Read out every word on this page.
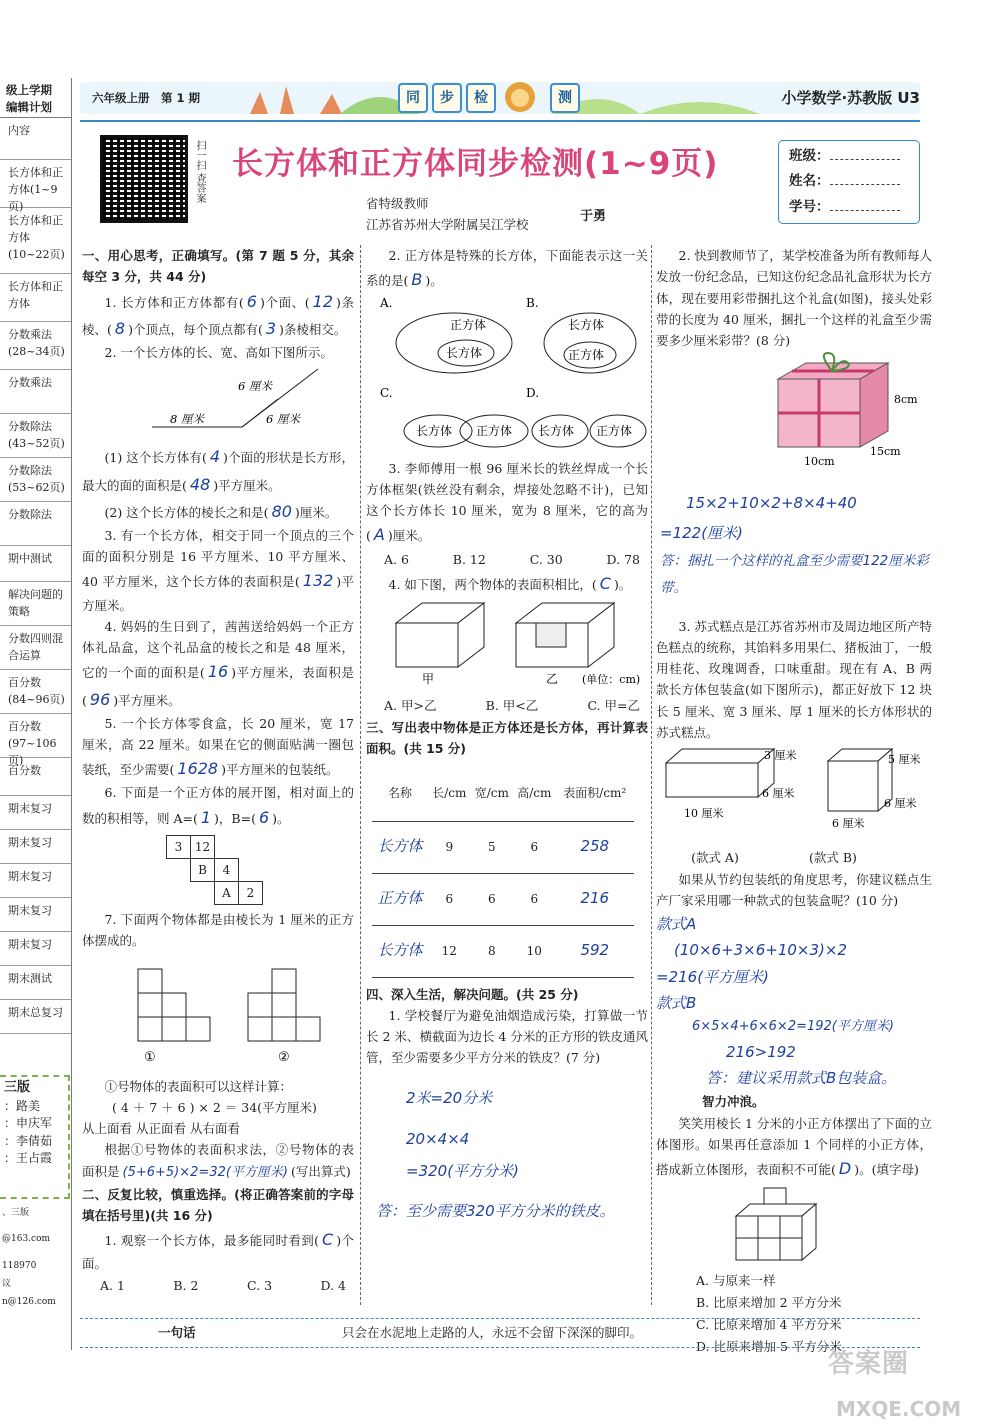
级上学期
编辑计划
内容
长方体和正方体(1~9页)
长方体和正方体(10~22页)
长方体和正方体
分数乘法(28~34页)
分数乘法
分数除法(43~52页)
分数除法(53~62页)
分数除法
期中测试
解决问题的策略
分数四则混合运算
百分数(84~96页)
百分数(97~106页)
百分数
期末复习
期末复习
期末复习
期末复习
期末复习
期末测试
期末总复习
三版
：路美
：申庆军
：李倩茹
：王占霞
、三版
@163.com
118970
议
n@126.com
六年级上册　第 1 期	同	步	检	测	小学数学·苏教版 U3
扫一扫 查答案 长方体和正方体同步检测(1~9页)
省特级教师
江苏省苏州大学附属吴江学校
于勇
班级：
姓名：
学号：

一、用心思考，正确填写。(第 7 题 5 分，其余每空 3 分，共 44 分)

1. 长方体和正方体都有( 6 )个面、( 12 )条棱、( 8 )个顶点，每个顶点都有( 3 )条棱相交。

2. 一个长方体的长、宽、高如下图所示。

6 厘米
8 厘米	6 厘米

(1) 这个长方体有( 4 )个面的形状是长方形，最大的面的面积是( 48 )平方厘米。

(2) 这个长方体的棱长之和是( 80 )厘米。

3. 有一个长方体，相交于同一个顶点的三个面的面积分别是 16 平方厘米、10 平方厘米、40 平方厘米，这个长方体的表面积是( 132 )平方厘米。

4. 妈妈的生日到了，茜茜送给妈妈一个正方体礼品盒，这个礼品盒的棱长之和是 48 厘米，它的一个面的面积是( 16 )平方厘米，表面积是( 96 )平方厘米。

5. 一个长方体零食盒，长 20 厘米，宽 17 厘米，高 22 厘米。如果在它的侧面贴满一圈包装纸，至少需要( 1628 )平方厘米的包装纸。

6. 下面是一个正方体的展开图，相对面上的数的积相等，则 A=( 1 )，B=( 6 )。

3	12		
	B	4	
		A	2

7. 下面两个物体都是由棱长为 1 厘米的正方体摆成的。

①	②

①号物体的表面积可以这样计算：

( 4 ＋ 7 ＋ 6 ) × 2 ＝ 34(平方厘米)

从上面看 从正面看 从右面看

根据①号物体的表面积求法，②号物体的表面积是 (5+6+5)×2=32(平方厘米) (写出算式)

二、反复比较，慎重选择。(将正确答案前的字母填在括号里)(共 16 分)

1. 观察一个长方体，最多能同时看到( C )个面。

A. 1	B. 2	C. 3	D. 4

2. 正方体是特殊的长方体，下面能表示这一关系的是( B )。

A.	B.
正方体
长方体
长方体
正方体
C.	D.
长方体 正方体 长方体 正方体

3. 李师傅用一根 96 厘米长的铁丝焊成一个长方体框架(铁丝没有剩余，焊接处忽略不计)，已知这个长方体长 10 厘米，宽为 8 厘米，它的高为( A )厘米。

A. 6	B. 12	C. 30	D. 78

4. 如下图，两个物体的表面积相比，( C )。

甲	乙 (单位：cm)
A. 甲>乙	B. 甲<乙	C. 甲=乙

三、写出表中物体是正方体还是长方体，再计算表面积。(共 15 分)

名称	长/cm	宽/cm	高/cm	表面积/cm²
长方体	9	5	6	258
正方体	6	6	6	216
长方体	12	8	10	592

四、深入生活，解决问题。(共 25 分)

1. 学校餐厅为避免油烟造成污染，打算做一节长 2 米、横截面为边长 4 分米的正方形的铁皮通风管，至少需要多少平方分米的铁皮？(7 分)

2米=20分米
20×4×4
=320(平方分米)
答：至少需要320平方分米的铁皮。

2. 快到教师节了，某学校准备为所有教师每人发放一份纪念品，已知这份纪念品礼盒形状为长方体，现在要用彩带捆扎这个礼盒(如图)，接头处彩带的长度为 40 厘米，捆扎一个这样的礼盒至少需要多少厘米彩带？(8 分)

8cm
10cm
15cm
15×2+10×2+8×4+40
=122(厘米)
答：捆扎一个这样的礼盒至少需要122厘米彩带。

3. 苏式糕点是江苏省苏州市及周边地区所产特色糕点的统称，其馅料多用果仁、猪板油丁，一般用桂花、玫瑰调香，口味重甜。现在有 A、B 两款长方体包装盒(如下图所示)，都正好放下 12 块长 5 厘米、宽 3 厘米、厚 1 厘米的长方体形状的苏式糕点。

3 厘米
6 厘米
10 厘米
5 厘米
6 厘米
6 厘米
(款式 A)	(款式 B)

如果从节约包装纸的角度思考，你建议糕点生产厂家采用哪一种款式的包装盒呢？(10 分)

款式A
(10×6+3×6+10×3)×2
=216(平方厘米)
款式B
6×5×4+6×6×2=192(平方厘米)
216>192
答：建议采用款式B包装盒。

智力冲浪。

笑笑用棱长 1 分米的小正方体摆出了下面的立体图形。如果再任意添加 1 个同样的小正方体，搭成新立体图形，表面积不可能( D )。(填字母)

A. 与原来一样
B. 比原来增加 2 平方分米
C. 比原来增加 4 平方分米
D. 比原来增加 5 平方分米
一句话	只会在水泥地上走路的人，永远不会留下深深的脚印。
答案圈
MXQE.COM
